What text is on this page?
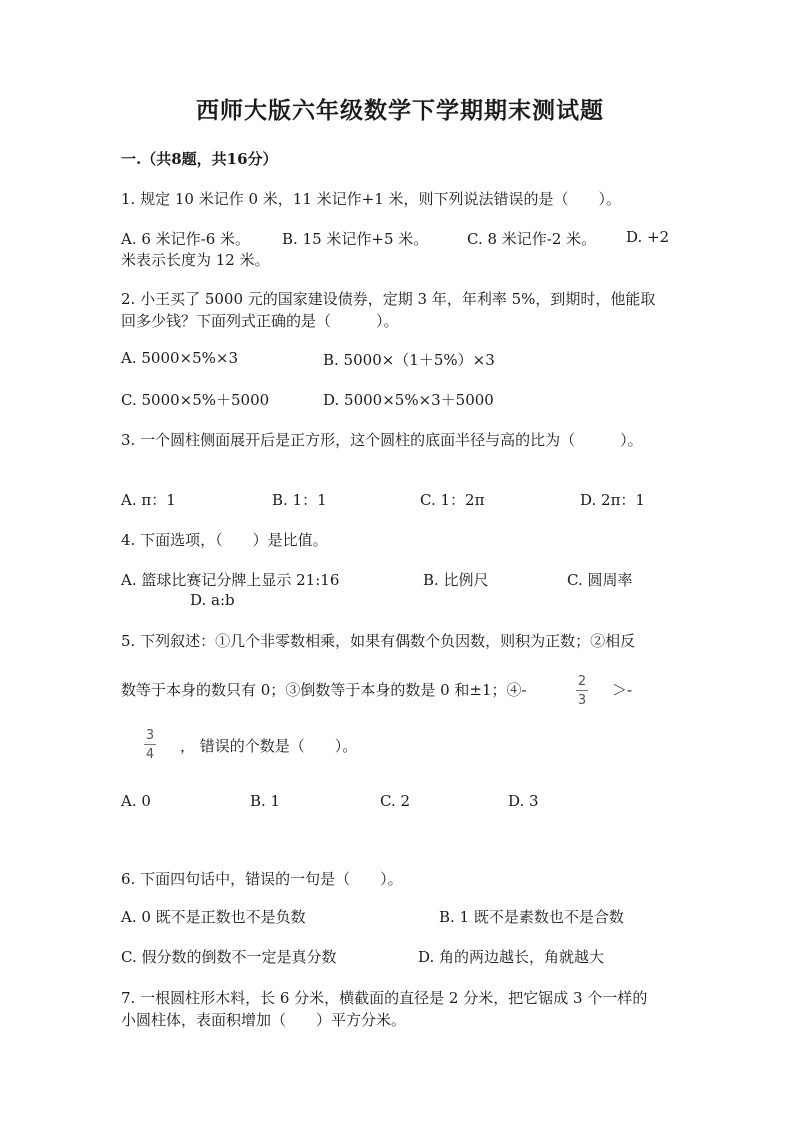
西师大版六年级数学下学期期末测试题
一.（共8题，共16分）
1. 规定 10 米记作 0 米，11 米记作+1 米，则下列说法错误的是（　　）。
A. 6 米记作-6 米。 B. 15 米记作+5 米。	C. 8 米记作-2 米。 D. +2
米表示长度为 12 米。
2. 小王买了 5000 元的国家建设债券，定期 3 年，年利率 5%，到期时，他能取
回多少钱？下面列式正确的是（　　　）。
A. 5000×5%×3	B. 5000×（1＋5%）×3
C. 5000×5%＋5000	D. 5000×5%×3＋5000
3. 一个圆柱侧面展开后是正方形，这个圆柱的底面半径与高的比为（　　　）。
A. π：1	B. 1：1	C. 1：2π	D. 2π：1
4. 下面选项，（　　）是比值。
A. 篮球比赛记分牌上显示 21:16	B. 比例尺	C. 圆周率
D. a:b
5. 下列叙述：①几个非零数相乘，如果有偶数个负因数，则积为正数；②相反
数等于本身的数只有 0；③倒数等于本身的数是 0 和±1；④-	2
3
＞-
3
4 ， 错误的个数是（　　）。
A. 0	B. 1	C. 2	D. 3
6. 下面四句话中，错误的一句是（　　）。
A. 0 既不是正数也不是负数	B. 1 既不是素数也不是合数
C. 假分数的倒数不一定是真分数	D. 角的两边越长，角就越大
7. 一根圆柱形木料，长 6 分米，横截面的直径是 2 分米，把它锯成 3 个一样的
小圆柱体，表面积增加（　　）平方分米。
